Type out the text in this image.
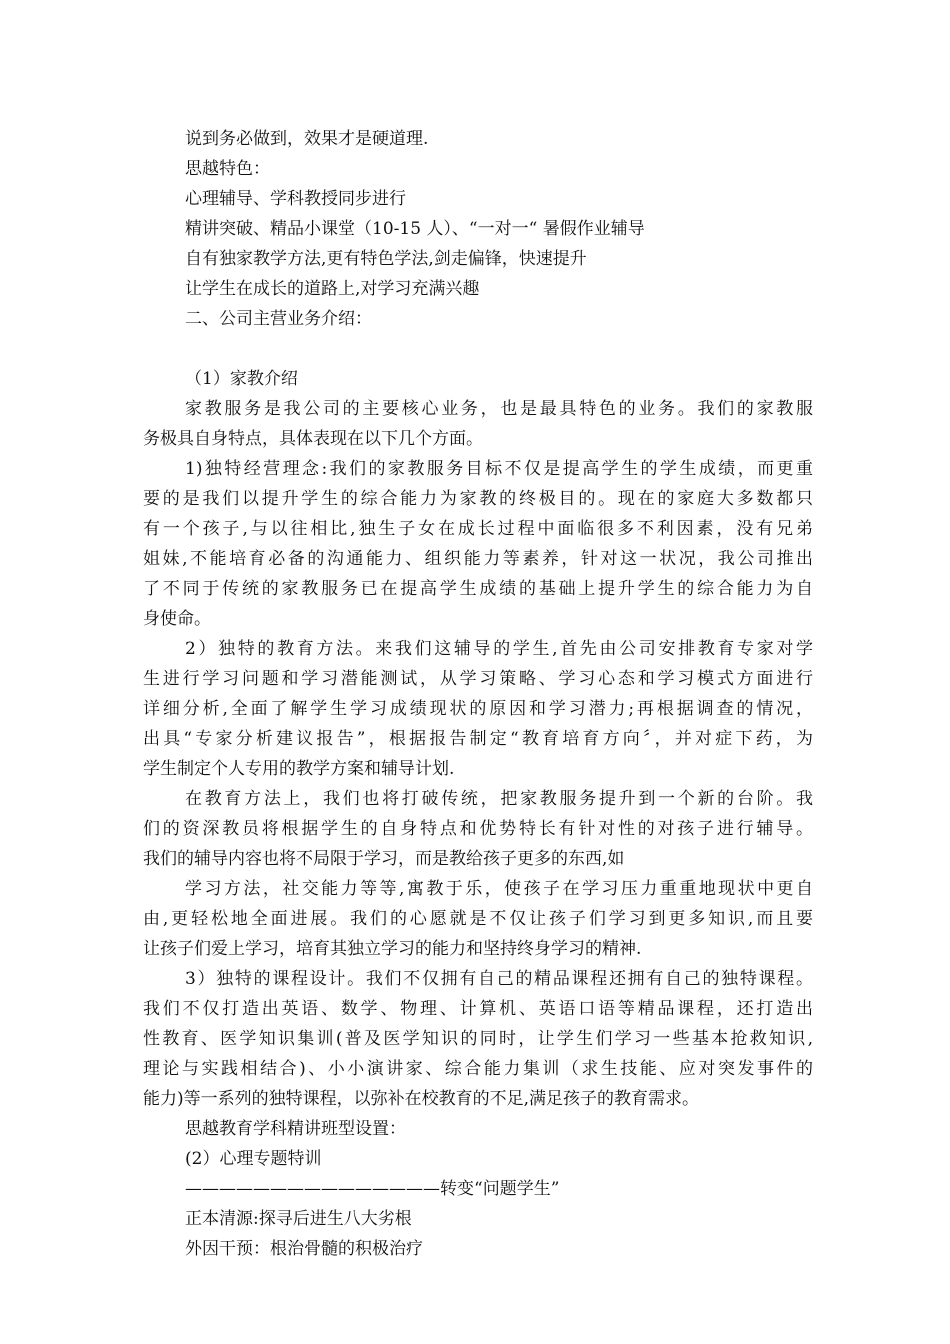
说到务必做到，效果才是硬道理.
思越特色：
心理辅导、学科教授同步进行
精讲突破、精品小课堂（10-15 人）、“一对一“ 暑假作业辅导
自有独家教学方法,更有特色学法,剑走偏锋，快速提升
让学生在成长的道路上,对学习充满兴趣
二、公司主营业务介绍：
（1）家教介绍
家教服务是我公司的主要核心业务，也是最具特色的业务。我们的家教服
务极具自身特点，具体表现在以下几个方面。
1)独特经营理念:我们的家教服务目标不仅是提高学生的学生成绩，而更重
要的是我们以提升学生的综合能力为家教的终极目的。现在的家庭大多数都只
有一个孩子,与以往相比,独生子女在成长过程中面临很多不利因素，没有兄弟
姐妹,不能培育必备的沟通能力、组织能力等素养，针对这一状况，我公司推出
了不同于传统的家教服务已在提高学生成绩的基础上提升学生的综合能力为自
身使命。
2）独特的教育方法。来我们这辅导的学生,首先由公司安排教育专家对学
生进行学习问题和学习潜能测试，从学习策略、学习心态和学习模式方面进行
详细分析,全面了解学生学习成绩现状的原因和学习潜力;再根据调查的情况，
出具“专家分析建议报告”，根据报告制定“教育培育方向〞，并对症下药，为
学生制定个人专用的教学方案和辅导计划.
在教育方法上，我们也将打破传统，把家教服务提升到一个新的台阶。我
们的资深教员将根据学生的自身特点和优势特长有针对性的对孩子进行辅导。
我们的辅导内容也将不局限于学习，而是教给孩子更多的东西,如
学习方法，社交能力等等,寓教于乐，使孩子在学习压力重重地现状中更自
由,更轻松地全面进展。我们的心愿就是不仅让孩子们学习到更多知识,而且要
让孩子们爱上学习，培育其独立学习的能力和坚持终身学习的精神.
3）独特的课程设计。我们不仅拥有自己的精品课程还拥有自己的独特课程。
我们不仅打造出英语、数学、物理、计算机、英语口语等精品课程，还打造出
性教育、医学知识集训(普及医学知识的同时，让学生们学习一些基本抢救知识,
理论与实践相结合)、小小演讲家、综合能力集训（求生技能、应对突发事件的
能力)等一系列的独特课程，以弥补在校教育的不足,满足孩子的教育需求。
思越教育学科精讲班型设置：
(2）心理专题特训
———————————————转变“问题学生”
正本清源:探寻后进生八大劣根
外因干预：根治骨髓的积极治疗
